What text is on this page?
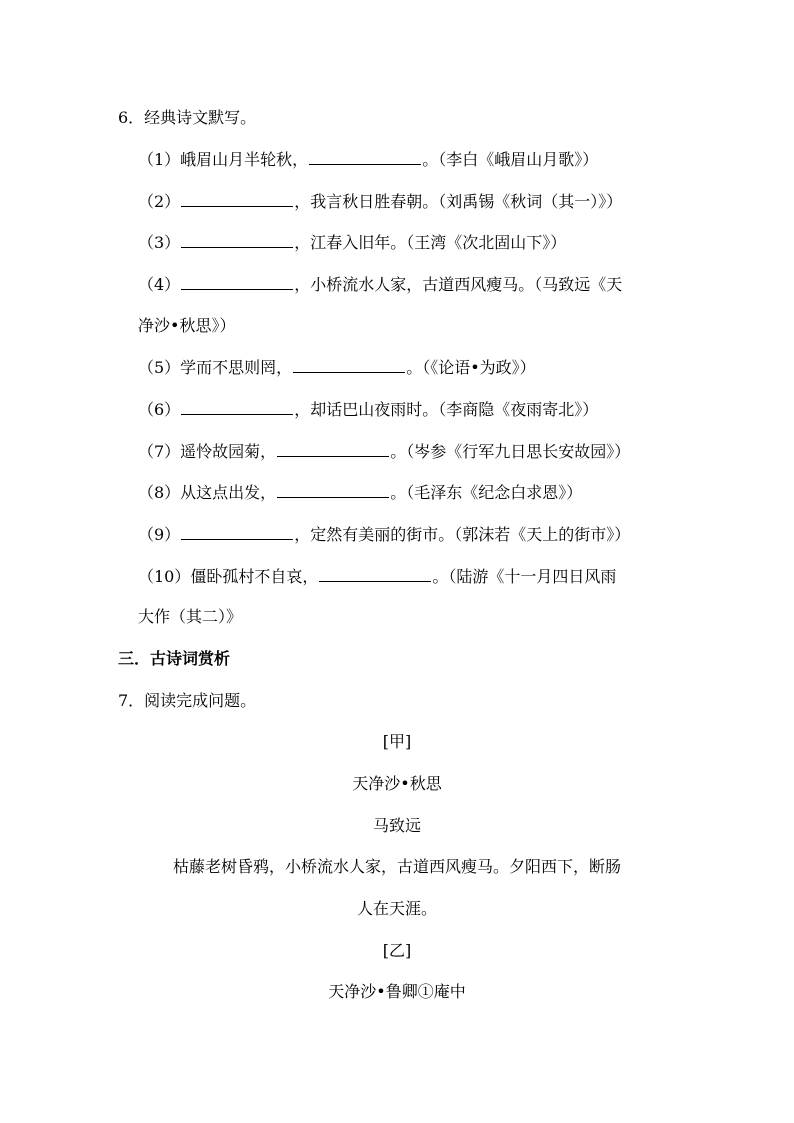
6．经典诗文默写。
（1）峨眉山月半轮秋，	。（李白《峨眉山月歌》）
（2）	，我言秋日胜春朝。（刘禹锡《秋词（其一）》）
（3）	，江春入旧年。（王湾《次北固山下》）
（4）	，小桥流水人家，古道西风瘦马。（马致远《天
净沙•秋思》）
（5）学而不思则罔，	。（《论语•为政》）
（6）	，却话巴山夜雨时。（李商隐《夜雨寄北》）
（7）遥怜故园菊，	。（岑参《行军九日思长安故园》）
（8）从这点出发，	。（毛泽东《纪念白求恩》）
（9）	，定然有美丽的街市。（郭沫若《天上的街市》）
（10）僵卧孤村不自哀，	。（陆游《十一月四日风雨
大作（其二）》
三．古诗词赏析
7．阅读完成问题。
[甲]
天净沙•秋思
马致远
枯藤老树昏鸦，小桥流水人家，古道西风瘦马。夕阳西下，断肠
人在天涯。
[乙]
天净沙•鲁卿①庵中
